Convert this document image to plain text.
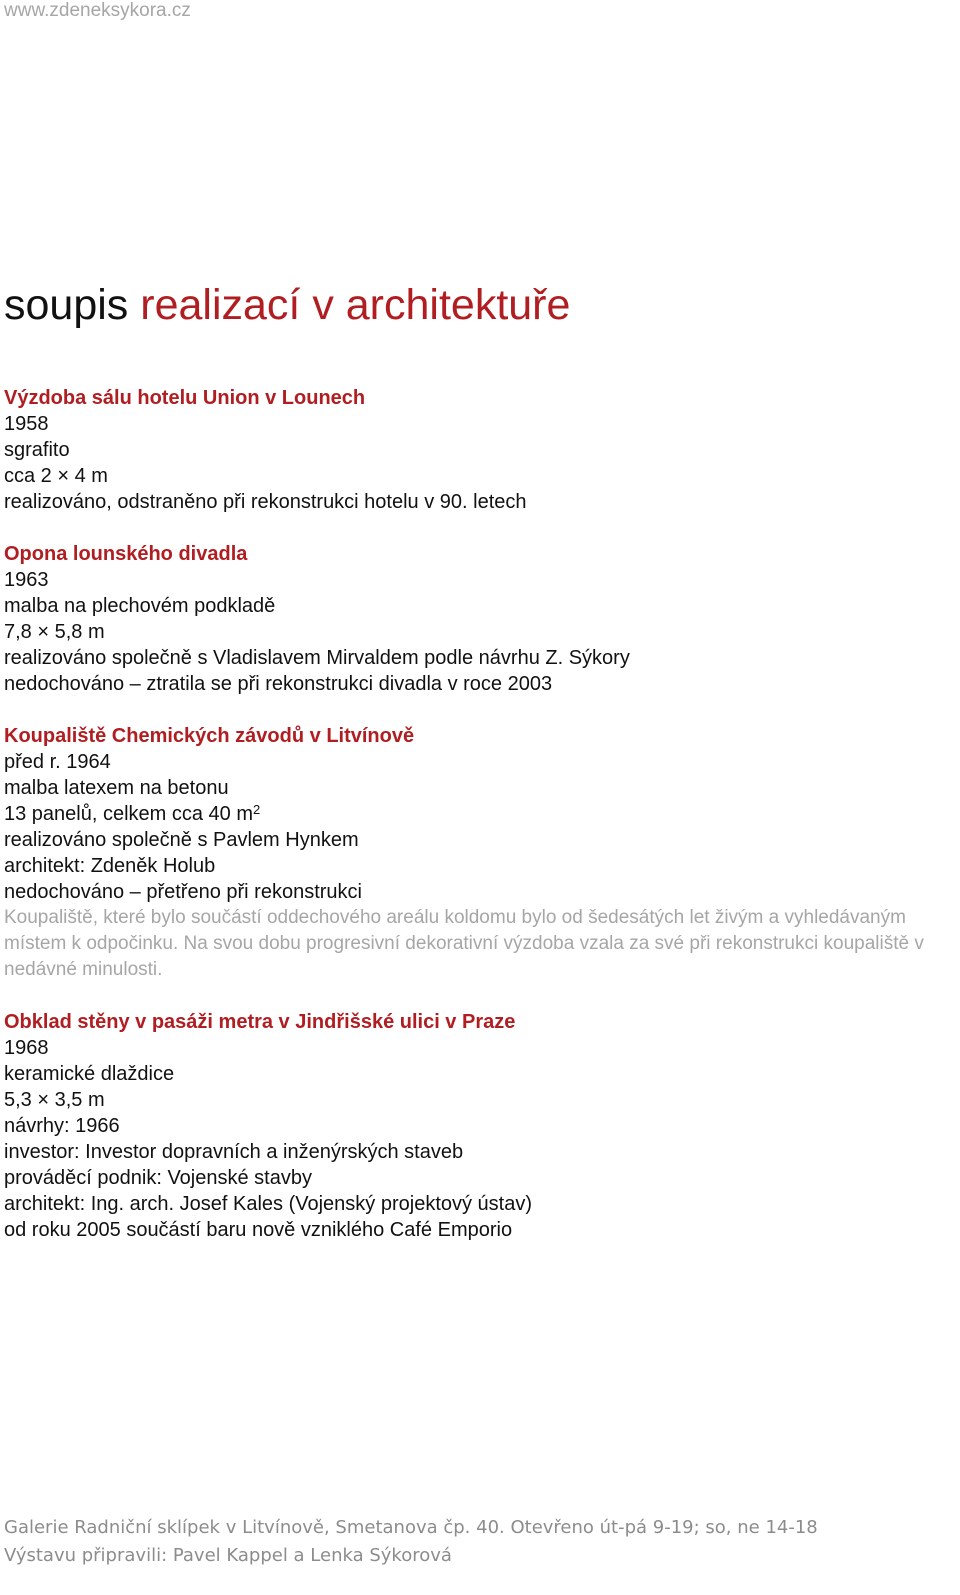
www.zdeneksykora.cz
soupis realizací v architektuře
Výzdoba sálu hotelu Union v Lounech
1958
sgrafito
cca 2 × 4 m
realizováno, odstraněno při rekonstrukci hotelu v 90. letech
Opona lounského divadla
1963
malba na plechovém podkladě
7,8 × 5,8 m
realizováno společně s Vladislavem Mirvaldem podle návrhu Z. Sýkory
nedochováno – ztratila se při rekonstrukci divadla v roce 2003
Koupaliště Chemických závodů v Litvínově
před r. 1964
malba latexem na betonu
13 panelů, celkem cca 40 $m^2$
realizováno společně s Pavlem Hynkem
architekt: Zdeněk Holub
nedochováno – přetřeno při rekonstrukci
Koupaliště, které bylo součástí oddechového areálu koldomu bylo od šedesátých let živým a vyhledávaným místem k odpočinku. Na svou dobu progresivní dekorativní výzdoba vzala za své při rekonstrukci koupaliště v nedávné minulosti.
Obklad stěny v pasáži metra v Jindřišské ulici v Praze
1968
keramické dlaždice
5,3 × 3,5 m
návrhy: 1966
investor: Investor dopravních a inženýrských staveb
prováděcí podnik: Vojenské stavby
architekt: Ing. arch. Josef Kales (Vojenský projektový ústav)
od roku 2005 součástí baru nově vzniklého Café Emporio
Galerie Radniční sklípek v Litvínově, Smetanova čp. 40. Otevřeno út-pá 9-19; so, ne 14-18
Výstavu připravili: Pavel Kappel a Lenka Sýkorová
